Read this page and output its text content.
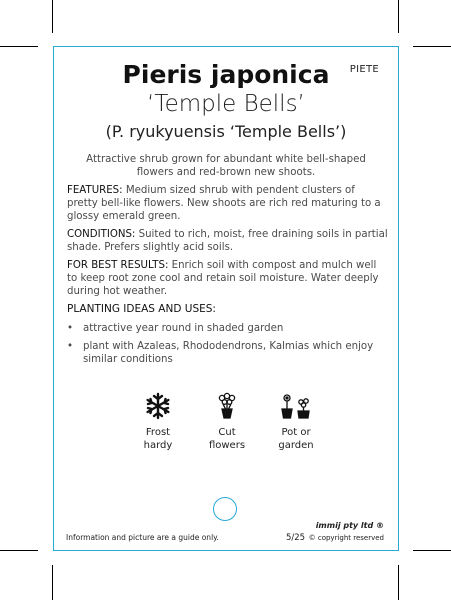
PIETE
Pieris japonica
‘Temple Bells’
(P. ryukyuensis ‘Temple Bells’)
Attractive shrub grown for abundant white bell-shaped flowers and red-brown new shoots.
FEATURES: Medium sized shrub with pendent clusters of pretty bell-like flowers. New shoots are rich red maturing to a glossy emerald green.
CONDITIONS: Suited to rich, moist, free draining soils in partial shade. Prefers slightly acid soils.
FOR BEST RESULTS: Enrich soil with compost and mulch well to keep root zone cool and retain soil moisture. Water deeply during hot weather.
PLANTING IDEAS AND USES:
• attractive year round in shaded garden
• plant with Azaleas, Rhododendrons, Kalmias which enjoy similar conditions
Frost
hardy
Cut
flowers
Pot or
garden
Information and picture are a guide only.
immij pty ltd ®
5/25 © copyright reserved
